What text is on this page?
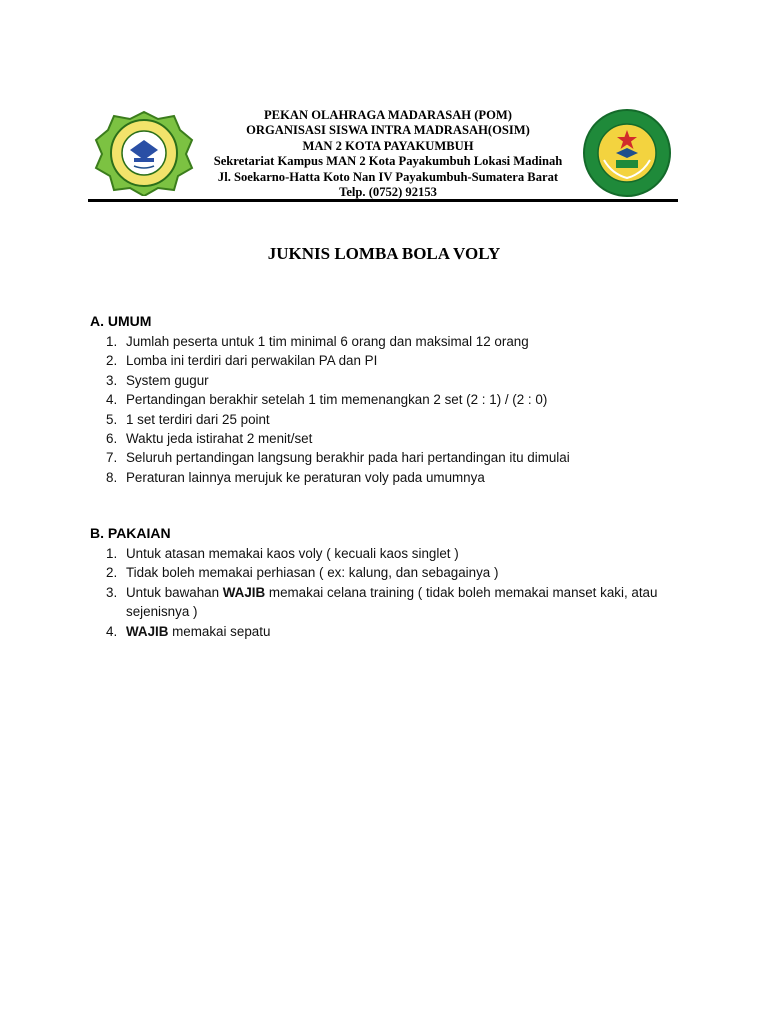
PEKAN OLAHRAGA MADARASAH (POM)
ORGANISASI SISWA INTRA MADRASAH(OSIM)
MAN 2 KOTA PAYAKUMBUH
Sekretariat Kampus MAN 2 Kota Payakumbuh Lokasi Madinah
Jl. Soekarno-Hatta Koto Nan IV Payakumbuh-Sumatera Barat
Telp. (0752) 92153
JUKNIS LOMBA BOLA VOLY
A. UMUM
1. Jumlah peserta untuk 1 tim minimal 6 orang dan maksimal 12 orang
2. Lomba ini terdiri dari perwakilan PA dan PI
3. System gugur
4. Pertandingan berakhir setelah 1 tim memenangkan 2 set (2 : 1) / (2 : 0)
5. 1 set terdiri dari 25 point
6. Waktu jeda istirahat 2 menit/set
7. Seluruh pertandingan langsung berakhir pada hari pertandingan itu dimulai
8. Peraturan lainnya merujuk ke peraturan voly pada umumnya
B. PAKAIAN
1. Untuk atasan memakai kaos voly ( kecuali kaos singlet )
2. Tidak boleh memakai perhiasan ( ex: kalung, dan sebagainya )
3. Untuk bawahan WAJIB memakai celana training ( tidak boleh memakai manset kaki, atau sejenisnya )
4. WAJIB memakai sepatu
